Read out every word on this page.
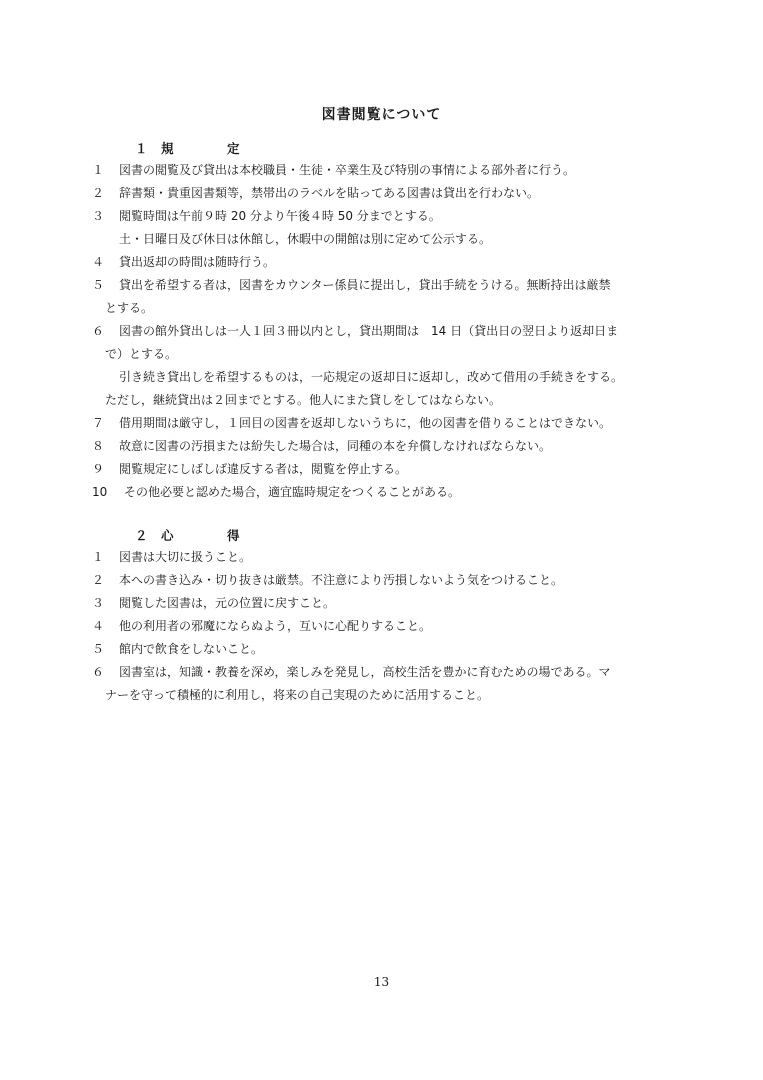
図書閲覧について
１ 規	定
１ 図書の閲覧及び貸出は本校職員・生徒・卒業生及び特別の事情による部外者に行う。
２ 辞書類・貴重図書類等，禁帯出のラベルを貼ってある図書は貸出を行わない。
３ 閲覧時間は午前９時 20 分より午後４時 50 分までとする。
土・日曜日及び休日は休館し，休暇中の開館は別に定めて公示する。
４ 貸出返却の時間は随時行う。
５ 貸出を希望する者は，図書をカウンター係員に提出し，貸出手続をうける。無断持出は厳禁
とする。
６ 図書の館外貸出しは一人１回３冊以内とし，貸出期間は　14 日（貸出日の翌日より返却日ま
で）とする。
引き続き貸出しを希望するものは，一応規定の返却日に返却し，改めて借用の手続きをする。
ただし，継続貸出は２回までとする。他人にまた貸しをしてはならない。
７ 借用期間は厳守し，１回目の図書を返却しないうちに，他の図書を借りることはできない。
８ 故意に図書の汚損または紛失した場合は，同種の本を弁償しなければならない。
９ 閲覧規定にしばしば違反する者は，閲覧を停止する。
10 その他必要と認めた場合，適宜臨時規定をつくることがある。
２ 心	得
１ 図書は大切に扱うこと。
２ 本への書き込み・切り抜きは厳禁。不注意により汚損しないよう気をつけること。
３ 閲覧した図書は，元の位置に戻すこと。
４ 他の利用者の邪魔にならぬよう，互いに心配りすること。
５ 館内で飲食をしないこと。
６ 図書室は，知識・教養を深め，楽しみを発見し，高校生活を豊かに育むための場である。マ
ナーを守って積極的に利用し，将来の自己実現のために活用すること。
13
